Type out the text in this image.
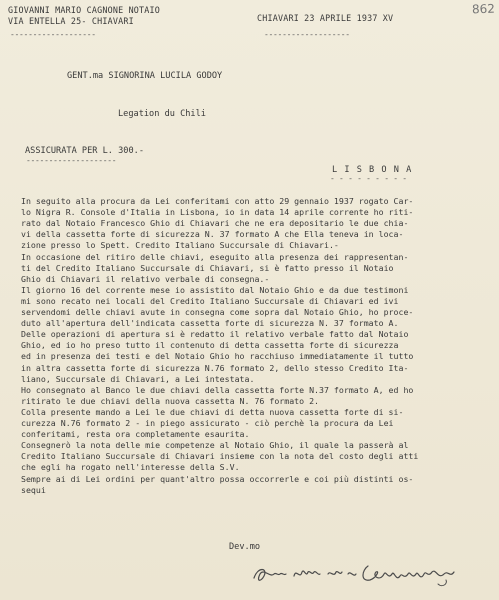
862
GIOVANNI MARIO CAGNONE NOTAIO
VIA ENTELLA 25- CHIAVARI
-------------------
CHIAVARI 23 APRILE 1937 XV
-------------------
GENT.ma SIGNORINA LUCILA GODOY
Legation du Chili
ASSICURATA PER L. 300.-
--------------------
L I S B O N A
- - - - - - - - -
In seguito alla procura da Lei conferitami con atto 29 gennaio 1937 rogato Car-
lo Nigra R. Console d'Italia in Lisbona, io in data 14 aprile corrente ho riti-
rato dal Notaio Francesco Ghio di Chiavari che ne era depositario le due chia-
vi della cassetta forte di sicurezza N. 37 formato A che Ella teneva in loca-
zione presso lo Spett. Credito Italiano Succursale di Chiavari.-
In occasione del ritiro delle chiavi, eseguito alla presenza dei rappresentan-
ti del Credito Italiano Succursale di Chiavari, si è fatto presso il Notaio
Ghio di Chiavari il relativo verbale di consegna.-
Il giorno 16 del corrente mese io assistito dal Notaio Ghio e da due testimoni
mi sono recato nei locali del Credito Italiano Succursale di Chiavari ed ivi
servendomi delle chiavi avute in consegna come sopra dal Notaio Ghio, ho proce-
duto all'apertura dell'indicata cassetta forte di sicurezza N. 37 formato A.
Delle operazioni di apertura si è redatto il relativo verbale fatto dal Notaio
Ghio, ed io ho preso tutto il contenuto di detta cassetta forte di sicurezza
ed in presenza dei testi e del Notaio Ghio ho racchiuso immediatamente il tutto
in altra cassetta forte di sicurezza N.76 formato 2, dello stesso Credito Ita-
liano, Succursale di Chiavari, a Lei intestata.
Ho consegnato al Banco le due chiavi della cassetta forte N.37 formato A, ed ho
ritirato le due chiavi della nuova cassetta N. 76 formato 2.
Colla presente mando a Lei le due chiavi di detta nuova cassetta forte di si-
curezza N.76 formato 2 - in piego assicurato - ciò perchè la procura da Lei
conferitami, resta ora completamente esaurita.
Consegnerò la nota delle mie competenze al Notaio Ghio, il quale la passerà al
Credito Italiano Succursale di Chiavari insieme con la nota del costo degli atti
che egli ha rogato nell'interesse della S.V.
Sempre ai di Lei ordini per quant'altro possa occorrerle e coi più distinti os-
sequi
Dev.mo
